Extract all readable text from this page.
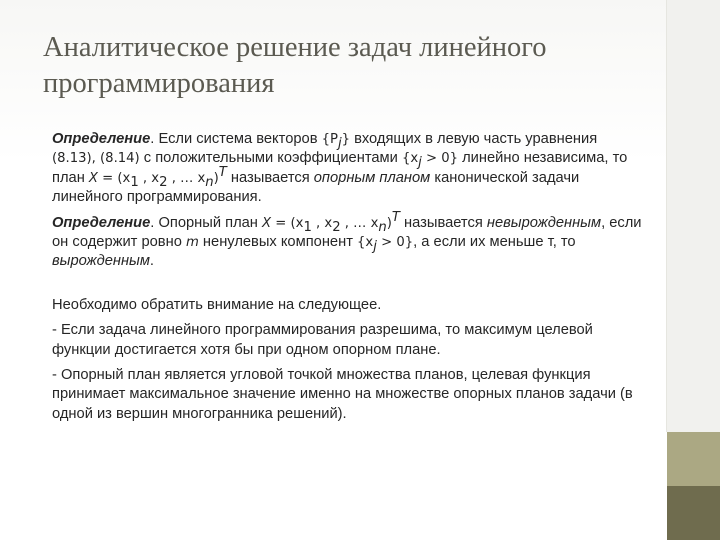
Аналитическое решение задач линейного программирования

Определение. Если система векторов $\{P_j\}$ входящих в левую часть уравнения (8.13), (8.14) с положительными коэффициентами $\{x_j > 0\}$ линейно независима, то план $X = (x_1$ , $x_2$ , … $x_n)^T$ называется опорным планом канонической задачи линейного программирования.

Определение. Опорный план $X = (x_1$ , $x_2$ , … $x_n)^T$ называется невырожденным, если он содержит ровно m ненулевых компонент $\{x_j > 0\}$, а если их меньше т, то вырожденным.

Необходимо обратить внимание на следующее.

- Если задача линейного программирования разрешима, то максимум целевой функции достигается хотя бы при одном опорном плане.

- Опорный план является угловой точкой множества планов, целевая функция принимает максимальное значение именно на множестве опорных планов задачи (в одной из вершин многогранника решений).
